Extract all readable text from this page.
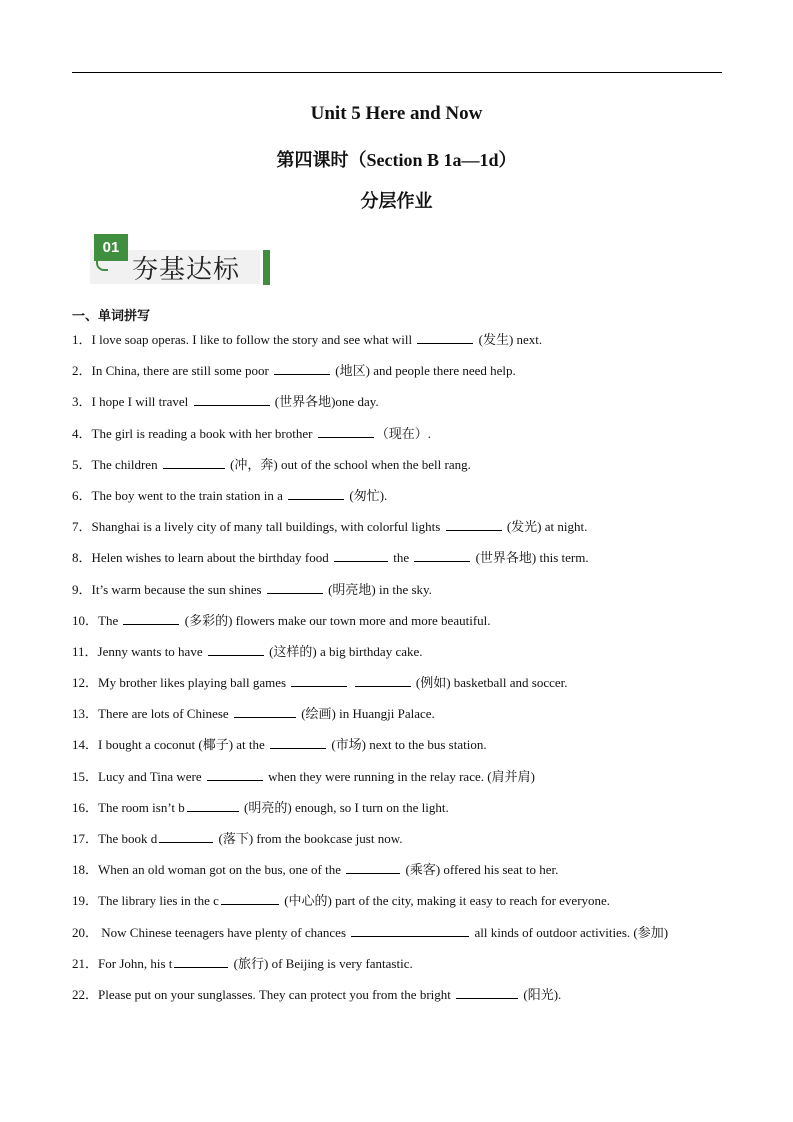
Unit 5 Here and Now
第四课时（Section B 1a—1d）
分层作业
01
夯基达标
一、单词拼写
1．I love soap operas. I like to follow the story and see what will	(发生) next.
2．In China, there are still some poor	(地区) and people there need help.
3．I hope I will travel	(世界各地)one day.
4．The girl is reading a book with her brother	（现在）.
5．The children	(冲，奔) out of the school when the bell rang.
6．The boy went to the train station in a	(匆忙).
7．Shanghai is a lively city of many tall buildings, with colorful lights	(发光) at night.
8．Helen wishes to learn about the birthday food	the	(世界各地) this term.
9．It’s warm because the sun shines	(明亮地) in the sky.
10．The	(多彩的) flowers make our town more and more beautiful.
11．Jenny wants to have	(这样的) a big birthday cake.
12．My brother likes playing ball games	(例如) basketball and soccer.
13．There are lots of Chinese	(绘画) in Huangji Palace.
14．I bought a coconut (椰子) at the	(市场) next to the bus station.
15．Lucy and Tina were	when they were running in the relay race. (肩并肩)
16．The room isn’t b	(明亮的) enough, so I turn on the light.
17．The book d	(落下) from the bookcase just now.
18．When an old woman got on the bus, one of the	(乘客) offered his seat to her.
19．The library lies in the c	(中心的) part of the city, making it easy to reach for everyone.
20． Now Chinese teenagers have plenty of chances	all kinds of outdoor activities. (参加)
21．For John, his t	(旅行) of Beijing is very fantastic.
22．Please put on your sunglasses. They can protect you from the bright	(阳光).
